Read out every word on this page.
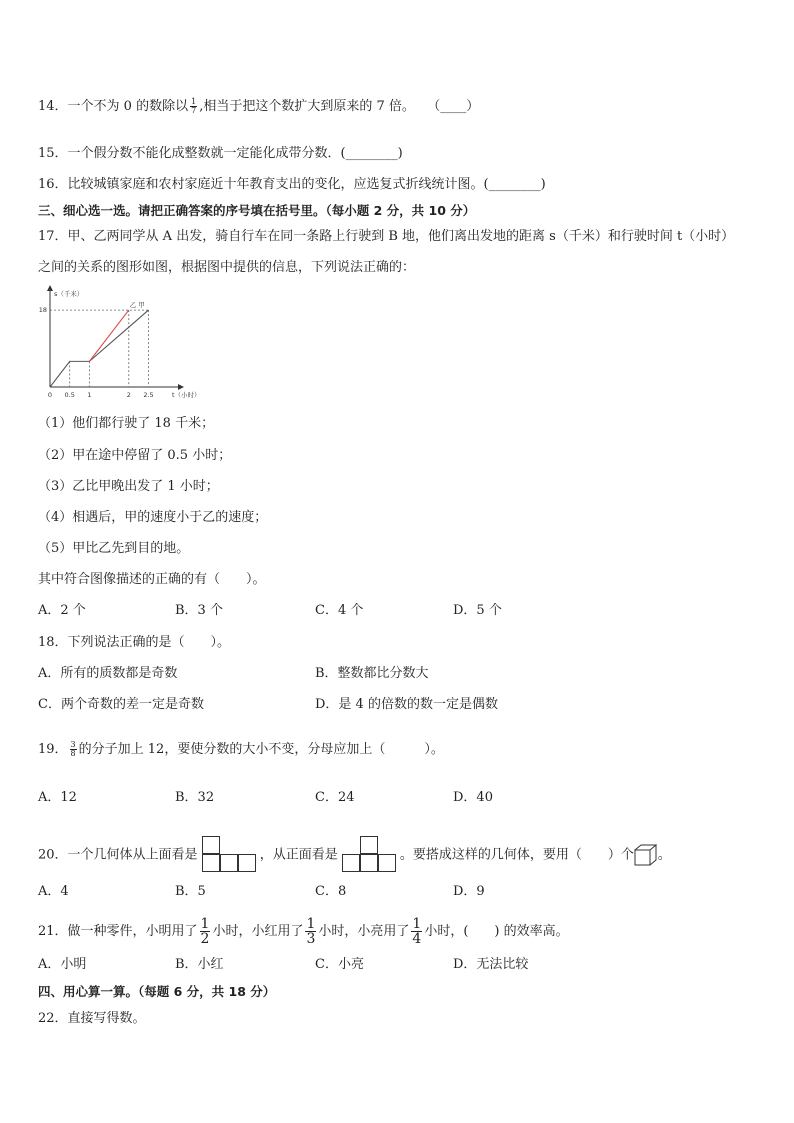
14．一个不为 0 的数除以 $\frac{1}{7}$ ,相当于把这个数扩大到原来的 7 倍。 （____）
15．一个假分数不能化成整数就一定能化成带分数．(________)
16．比较城镇家庭和农村家庭近十年教育支出的变化，应选复式折线统计图。(________)
三、细心选一选。请把正确答案的序号填在括号里。（每小题 2 分，共 10 分）
17．甲、乙两同学从 A 出发，骑自行车在同一条路上行驶到 B 地，他们离出发地的距离 s（千米）和行驶时间 t（小时）
之间的关系的图形如图，根据图中提供的信息，下列说法正确的：
0 0.5 1	2 2.5
18
s（千米）
t（小时）
乙 甲
（1）他们都行驶了 18 千米；
（2）甲在途中停留了 0.5 小时；
（3）乙比甲晚出发了 1 小时；
（4）相遇后，甲的速度小于乙的速度；
（5）甲比乙先到目的地。
其中符合图像描述的正确的有（　　）。
A．2 个	B．3 个	C．4 个	D．5 个
18．下列说法正确的是（　　）。
A．所有的质数都是奇数	B．整数都比分数大
C．两个奇数的差一定是奇数	D．是 4 的倍数的数一定是偶数
19． $\frac{3}{8}$ 的分子加上 12，要使分数的大小不变，分母应加上（　　　）。
A．12	B．32	C．24	D．40
20．一个几何体从上面看是	，从正面看是	。要搭成这样的几何体，要用（　　）个 。
A．4	B．5	C．8	D．9
21．做一种零件，小明用了 $\frac{1}{2}$ 小时，小红用了 $\frac{1}{3}$ 小时，小亮用了 $\frac{1}{4}$ 小时，(　　) 的效率高。
A．小明	B．小红	C．小亮	D．无法比较
四、用心算一算。（每题 6 分，共 18 分）
22．直接写得数。
